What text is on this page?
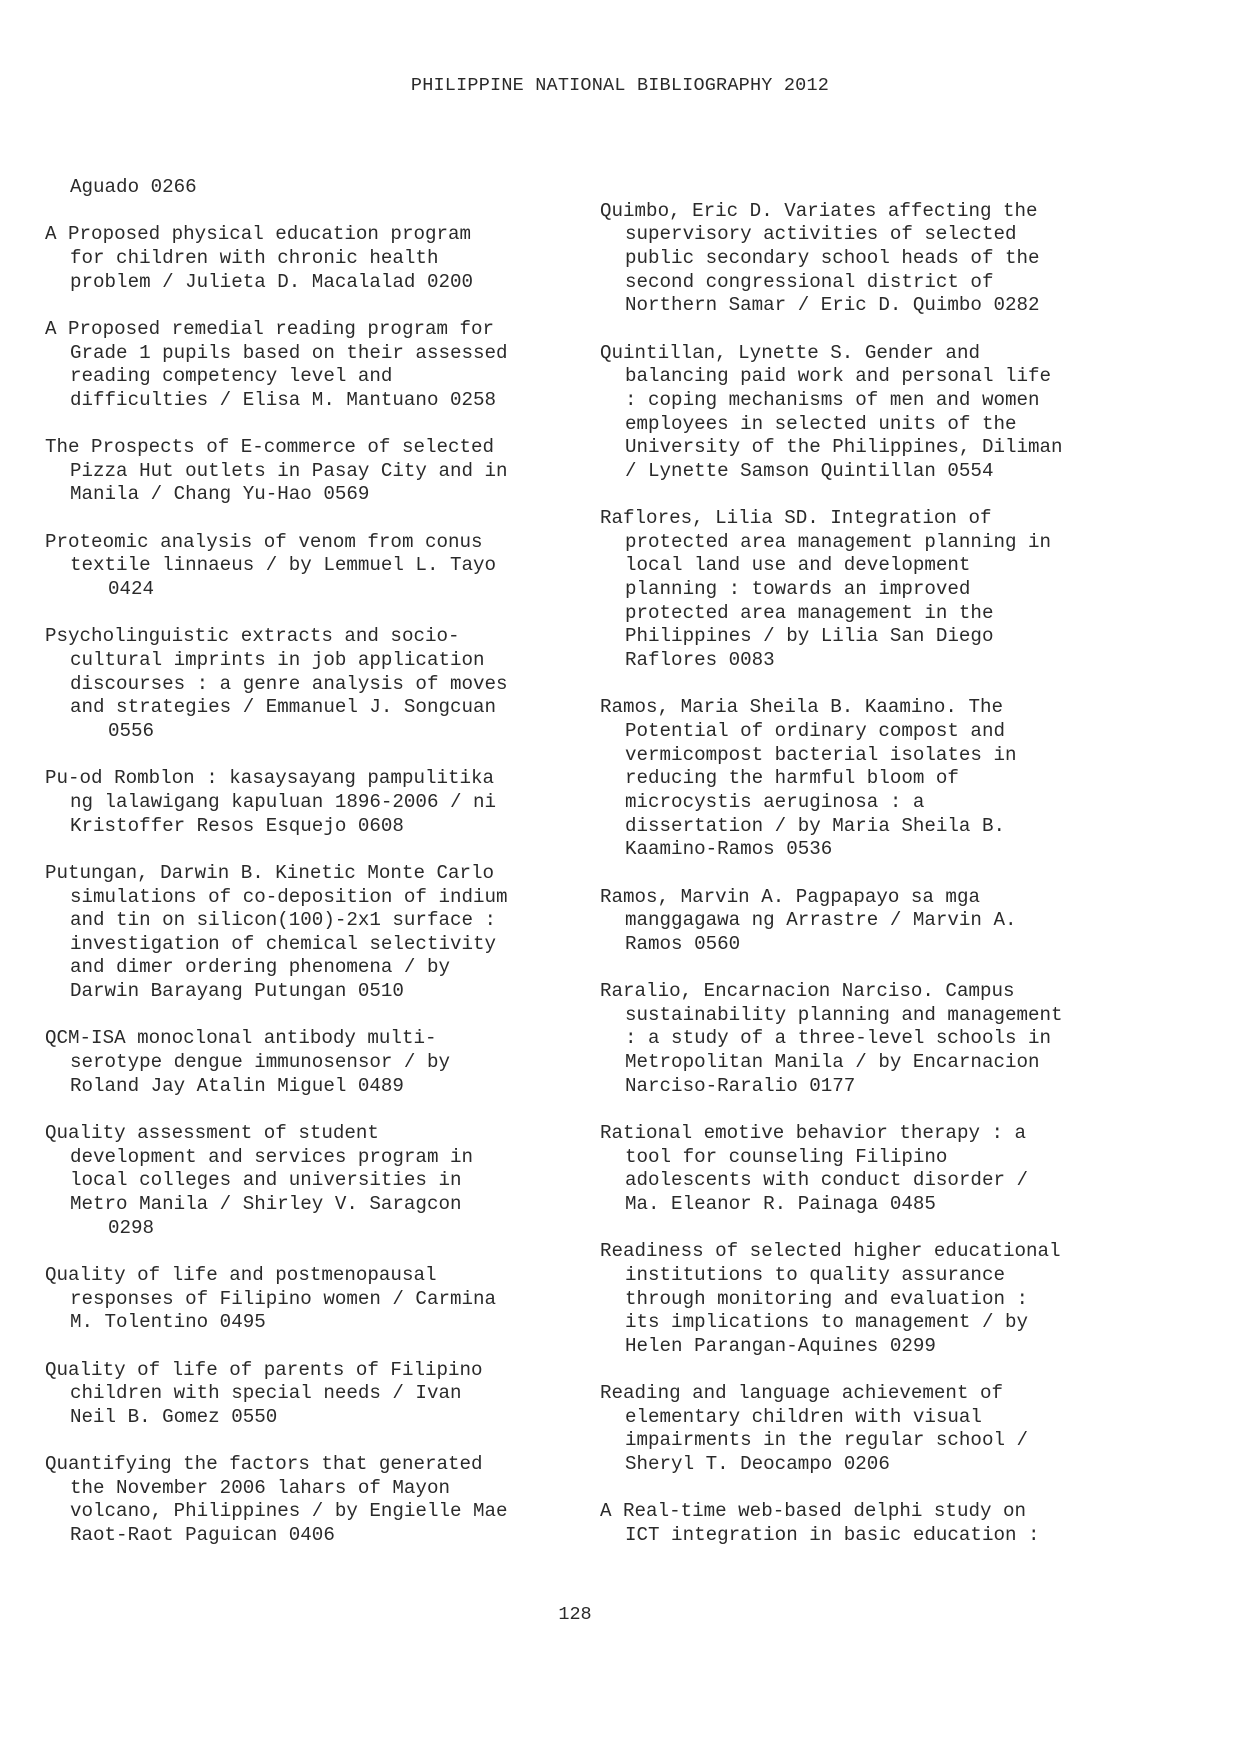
PHILIPPINE NATIONAL BIBLIOGRAPHY 2012
Aguado 0266
A Proposed physical education program
for children with chronic health
problem / Julieta D. Macalalad 0200
A Proposed remedial reading program for
Grade 1 pupils based on their assessed
reading competency level and
difficulties / Elisa M. Mantuano 0258
The Prospects of E-commerce of selected
Pizza Hut outlets in Pasay City and in
Manila / Chang Yu-Hao 0569
Proteomic analysis of venom from conus
textile linnaeus / by Lemmuel L. Tayo
0424
Psycholinguistic extracts and socio-
cultural imprints in job application
discourses : a genre analysis of moves
and strategies / Emmanuel J. Songcuan
0556
Pu-od Romblon : kasaysayang pampulitika
ng lalawigang kapuluan 1896-2006 / ni
Kristoffer Resos Esquejo 0608
Putungan, Darwin B. Kinetic Monte Carlo
simulations of co-deposition of indium
and tin on silicon(100)-2x1 surface :
investigation of chemical selectivity
and dimer ordering phenomena / by
Darwin Barayang Putungan 0510
QCM-ISA monoclonal antibody multi-
serotype dengue immunosensor / by
Roland Jay Atalin Miguel 0489
Quality assessment of student
development and services program in
local colleges and universities in
Metro Manila / Shirley V. Saragcon
0298
Quality of life and postmenopausal
responses of Filipino women / Carmina
M. Tolentino 0495
Quality of life of parents of Filipino
children with special needs / Ivan
Neil B. Gomez 0550
Quantifying the factors that generated
the November 2006 lahars of Mayon
volcano, Philippines / by Engielle Mae
Raot-Raot Paguican 0406
Quimbo, Eric D. Variates affecting the
supervisory activities of selected
public secondary school heads of the
second congressional district of
Northern Samar / Eric D. Quimbo 0282
Quintillan, Lynette S. Gender and
balancing paid work and personal life
: coping mechanisms of men and women
employees in selected units of the
University of the Philippines, Diliman
/ Lynette Samson Quintillan 0554
Raflores, Lilia SD. Integration of
protected area management planning in
local land use and development
planning : towards an improved
protected area management in the
Philippines / by Lilia San Diego
Raflores 0083
Ramos, Maria Sheila B. Kaamino. The
Potential of ordinary compost and
vermicompost bacterial isolates in
reducing the harmful bloom of
microcystis aeruginosa : a
dissertation / by Maria Sheila B.
Kaamino-Ramos 0536
Ramos, Marvin A. Pagpapayo sa mga
manggagawa ng Arrastre / Marvin A.
Ramos 0560
Raralio, Encarnacion Narciso. Campus
sustainability planning and management
: a study of a three-level schools in
Metropolitan Manila / by Encarnacion
Narciso-Raralio 0177
Rational emotive behavior therapy : a
tool for counseling Filipino
adolescents with conduct disorder /
Ma. Eleanor R. Painaga 0485
Readiness of selected higher educational
institutions to quality assurance
through monitoring and evaluation :
its implications to management / by
Helen Parangan-Aquines 0299
Reading and language achievement of
elementary children with visual
impairments in the regular school /
Sheryl T. Deocampo 0206
A Real-time web-based delphi study on
ICT integration in basic education :
128
